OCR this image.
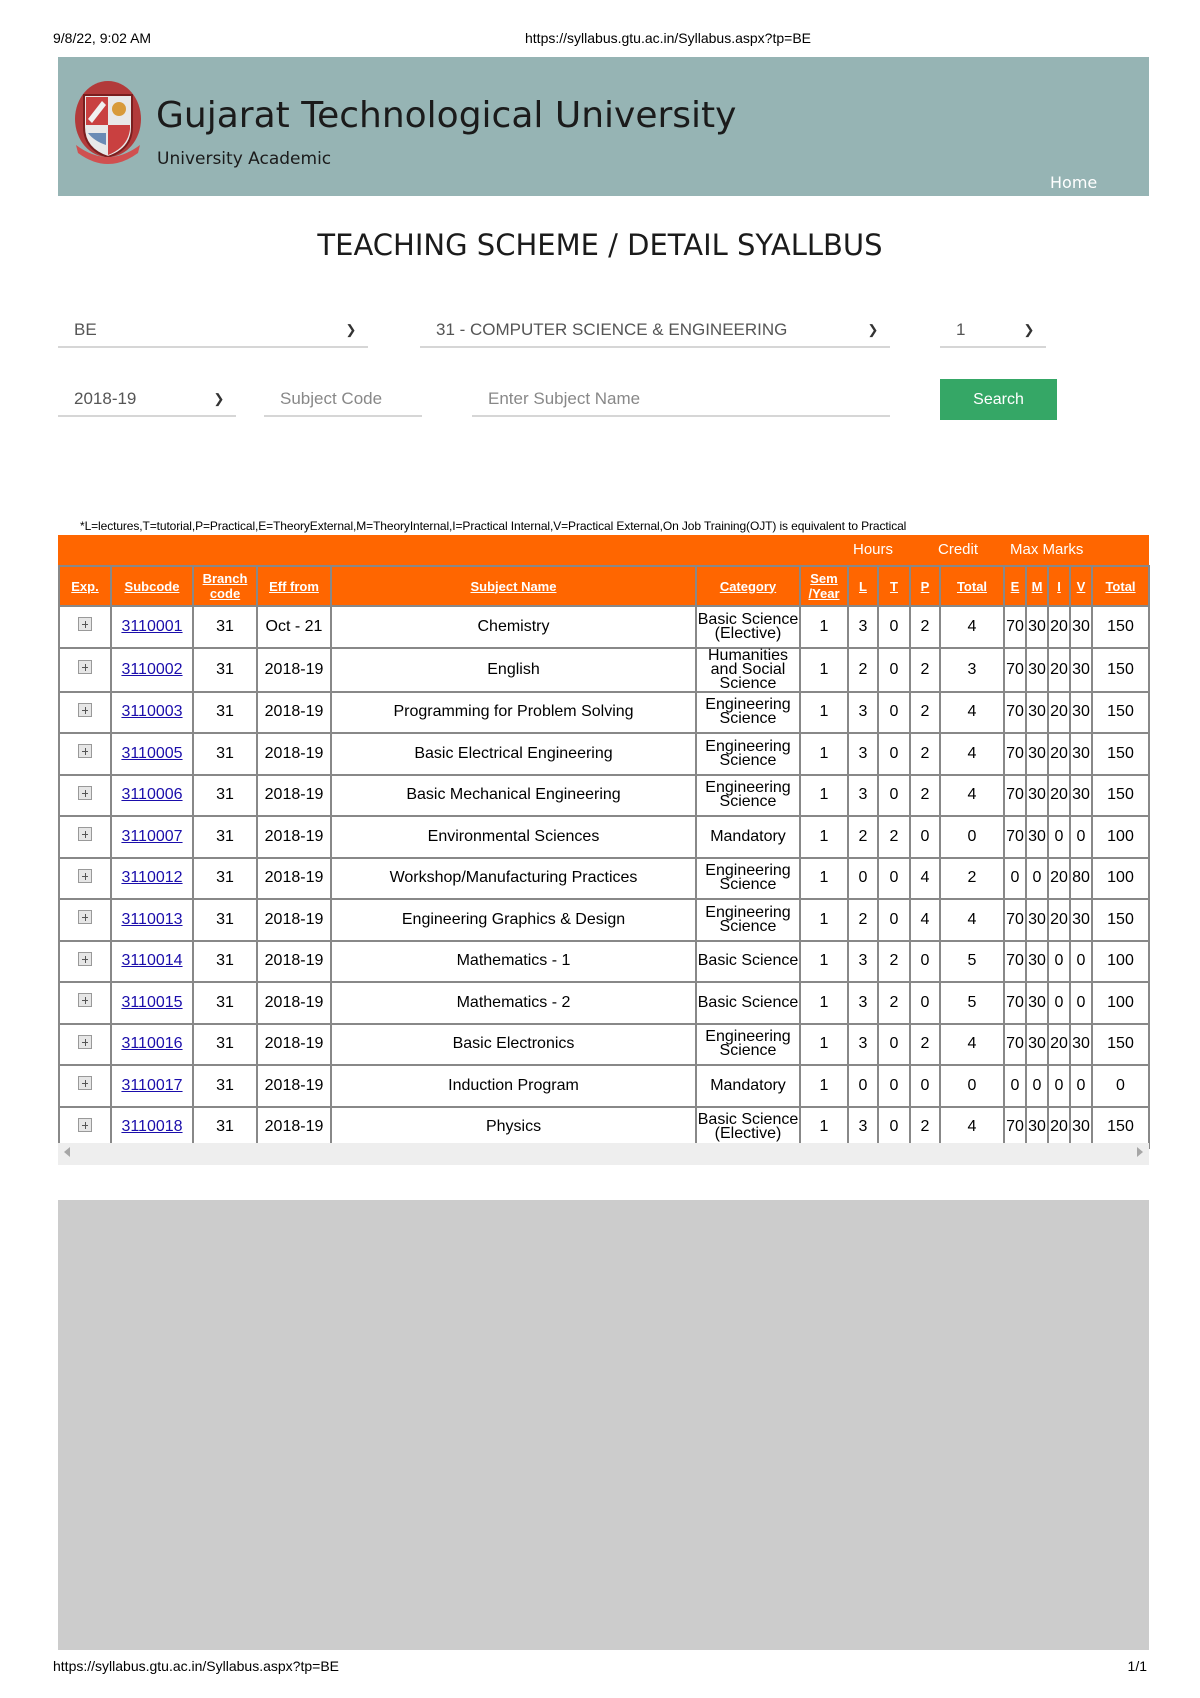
9/8/22, 9:02 AM	https://syllabus.gtu.ac.in/Syllabus.aspx?tp=BE
Gujarat Technological University
University Academic
Home
TEACHING SCHEME / DETAIL SYALLBUS
BE	❯	31 - COMPUTER SCIENCE & ENGINEERING	❯	1	❯
2018-19	❯	Subject Code	Enter Subject Name	Search
*L=lectures,T=tutorial,P=Practical,E=TheoryExternal,M=TheoryInternal,I=Practical Internal,V=Practical External,On Job Training(OJT) is equivalent to Practical
Hours	Credit Max Marks
Exp.	Subcode	Branch code	Eff from	Subject Name	Category	Sem /Year	L	T	P	Total	E	M	I	V	Total
	3110001	31	Oct - 21	Chemistry	Basic Science (Elective)	1	3	0	2	4	70	30	20	30	150
	3110002	31	2018-19	English	Humanities and Social Science	1	2	0	2	3	70	30	20	30	150
	3110003	31	2018-19	Programming for Problem Solving	Engineering Science	1	3	0	2	4	70	30	20	30	150
	3110005	31	2018-19	Basic Electrical Engineering	Engineering Science	1	3	0	2	4	70	30	20	30	150
	3110006	31	2018-19	Basic Mechanical Engineering	Engineering Science	1	3	0	2	4	70	30	20	30	150
	3110007	31	2018-19	Environmental Sciences	Mandatory	1	2	2	0	0	70	30	0	0	100
	3110012	31	2018-19	Workshop/Manufacturing Practices	Engineering Science	1	0	0	4	2	0	0	20	80	100
	3110013	31	2018-19	Engineering Graphics & Design	Engineering Science	1	2	0	4	4	70	30	20	30	150
	3110014	31	2018-19	Mathematics - 1	Basic Science	1	3	2	0	5	70	30	0	0	100
	3110015	31	2018-19	Mathematics - 2	Basic Science	1	3	2	0	5	70	30	0	0	100
	3110016	31	2018-19	Basic Electronics	Engineering Science	1	3	0	2	4	70	30	20	30	150
	3110017	31	2018-19	Induction Program	Mandatory	1	0	0	0	0	0	0	0	0	0
	3110018	31	2018-19	Physics	Basic Science (Elective)	1	3	0	2	4	70	30	20	30	150
https://syllabus.gtu.ac.in/Syllabus.aspx?tp=BE	1/1
